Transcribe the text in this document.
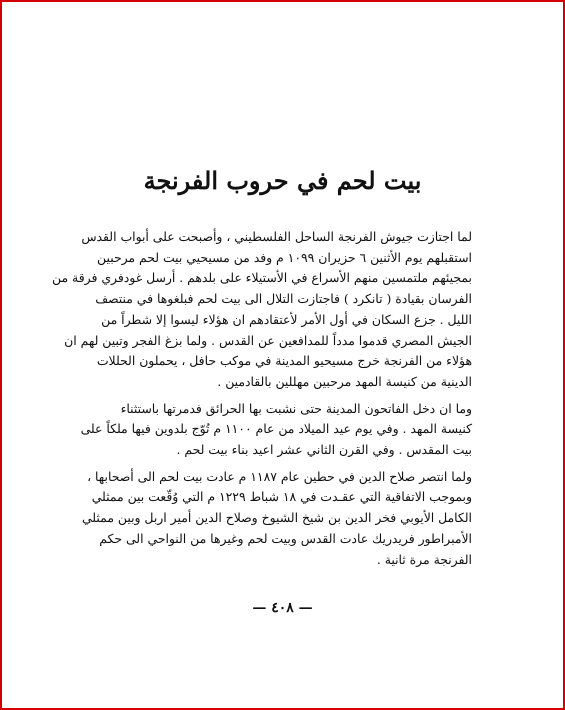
بيت لحم في حروب الفرنجة
لما اجتازت جيوش الفرنجة الساحل الفلسطيني ، وأصبحت على أبواب القدس
استقبلهم يوم الأثنين ٦ حزيران ١٠٩٩ م وفد من مسيحيي بيت لحم مرحبين
بمجيئهم ملتمسين منهم الأسراع في الأستيلاء على بلدهم . أرسل غودفري فرقة من
الفرسان بقيادة ( تانكرد ) فاجتازت التلال الى بيت لحم فبلغوها في منتصف
الليل . جزع السكان في أول الأمر لأعتقادهم ان هؤلاء ليسوا إلا شطراً من
الجيش المصري قدموا مدداً للمدافعين عن القدس . ولما بزغ الفجر وتبين لهم ان
هؤلاء من الفرنجة خرج مسيحيو المدينة في موكب حافل ، يحملون الحللات
الدينية من كنيسة المهد مرحبين مهللين بالقادمين .
وما ان دخل الفاتحون المدينة حتى نشبت بها الحرائق فدمرتها باستثناء
كنيسة المهد . وفي يوم عيد الميلاد من عام ١١٠٠ م تُوّج بلدوين فيها ملكاً على
بيت المقدس . وفي القرن الثاني عشر اعيد بناء بيت لحم .
ولما انتصر صلاح الدين في حطين عام ١١٨٧ م عادت بيت لحم الى أصحابها ،
وبموجب الاتفاقية التي عقـدت في ١٨ شباط ١٢٢٩ م التي وُقّعت بين ممثلي
الكامل الأيوبي فخر الدين بن شيخ الشيوخ وصلاح الدين أمير اربل وبين ممثلي
الأمبراطور فريدريك عادت القدس وبيت لحم وغيرها من النواحي الى حكم
الفرنجة مرة ثانية .
— ٤٠٨ —
